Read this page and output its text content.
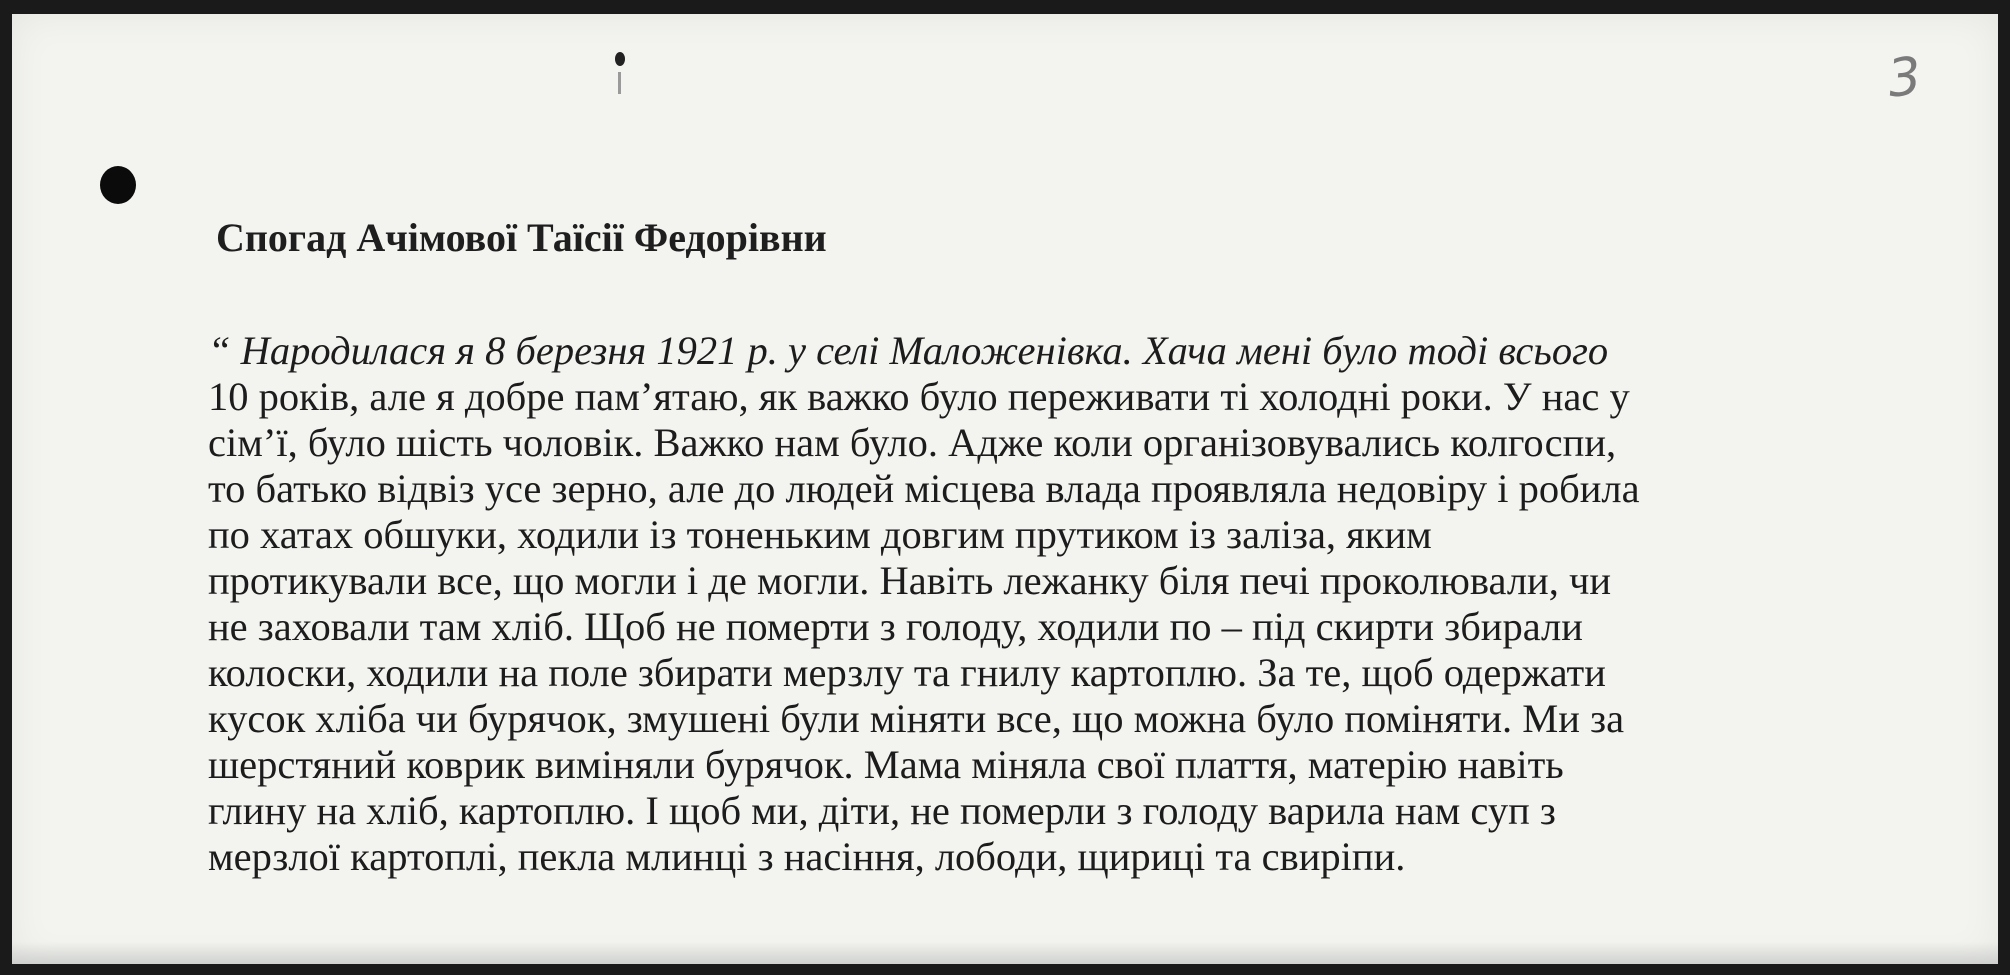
3
Спогад Ачімової Таїсії Федорівни
“ Народилася я 8 березня 1921 р. у селі Маложенівка. Хача мені було тоді всього
10 років, але я добре пам’ятаю, як важко було переживати ті холодні роки. У нас у
сім’ї, було шість чоловік. Важко нам було. Адже коли організовувались колгоспи,
то батько відвіз усе зерно, але до людей місцева влада проявляла недовіру і робила
по хатах обшуки, ходили із тоненьким довгим прутиком із заліза, яким
протикували все, що могли і де могли. Навіть лежанку біля печі проколювали, чи
не заховали там хліб. Щоб не померти з голоду, ходили по – під скирти збирали
колоски, ходили на поле збирати мерзлу та гнилу картоплю. За те, щоб одержати
кусок хліба чи бурячок, змушені були міняти все, що можна було поміняти. Ми за
шерстяний коврик виміняли бурячок. Мама міняла свої плаття, матерію навіть
глину на хліб, картоплю. І щоб ми, діти, не померли з голоду варила нам суп з
мерзлої картоплі, пекла млинці з насіння, лободи, щириці та свиріпи.
